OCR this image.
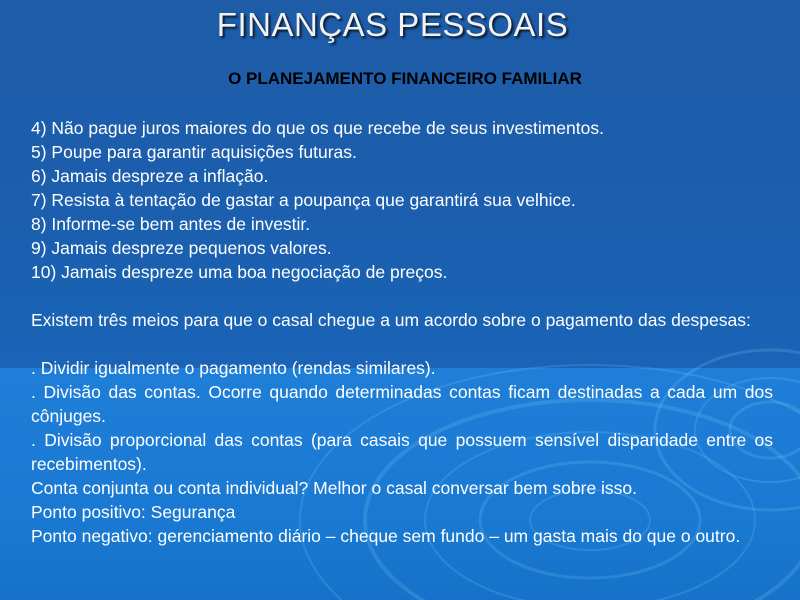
FINANÇAS PESSOAIS
O PLANEJAMENTO FINANCEIRO FAMILIAR

4) Não pague juros maiores do que os que recebe de seus investimentos.

5) Poupe para garantir aquisições futuras.

6) Jamais despreze a inflação.

7) Resista à tentação de gastar a poupança que garantirá sua velhice.

8) Informe-se bem antes de investir.

9) Jamais despreze pequenos valores.

10) Jamais despreze uma boa negociação de preços.

Existem três meios para que o casal chegue a um acordo sobre o pagamento das despesas:

. Dividir igualmente o pagamento (rendas similares).

. Divisão das contas. Ocorre quando determinadas contas ficam destinadas a cada um dos cônjuges.

. Divisão proporcional das contas (para casais que possuem sensível disparidade entre os recebimentos).

Conta conjunta ou conta individual? Melhor o casal conversar bem sobre isso.

Ponto positivo: Segurança

Ponto negativo: gerenciamento diário – cheque sem fundo – um gasta mais do que o outro.
